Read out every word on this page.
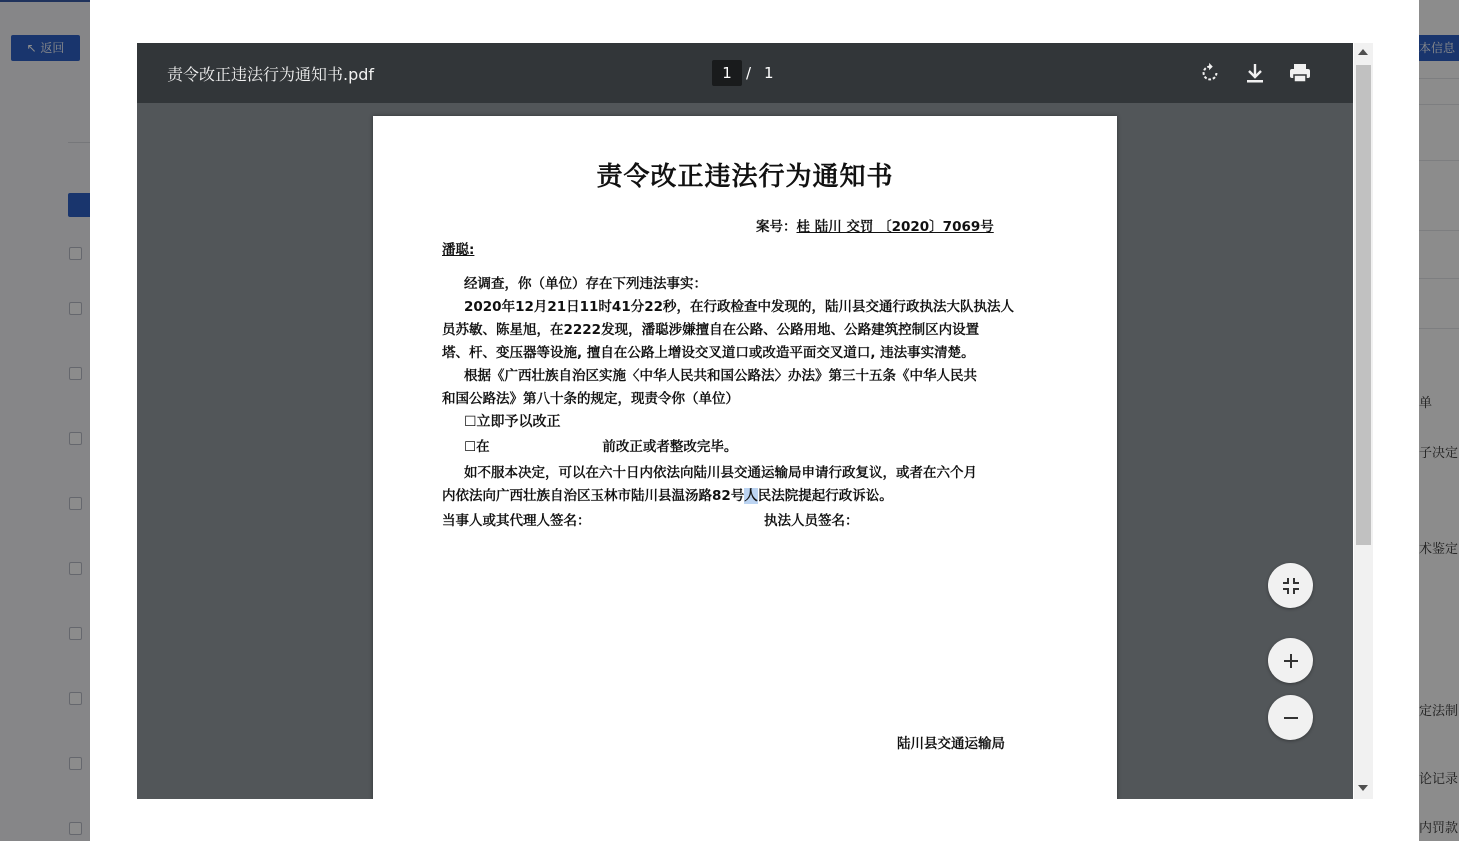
↖ 返回	本信息
单
子决定
术鉴定
定法制
论记录
内罚款
责令改正违法行为通知书.pdf	1 / 1
责令改正违法行为通知书
案号：桂 陆川 交罚 〔2020〕7069号
潘聪:
经调查，你（单位）存在下列违法事实：
2020年12月21日11时41分22秒，在行政检查中发现的，陆川县交通行政执法大队执法人
员苏敏、陈星旭，在2222发现，潘聪涉嫌擅自在公路、公路用地、公路建筑控制区内设置
塔、杆、变压器等设施, 擅自在公路上增设交叉道口或改造平面交叉道口, 违法事实清楚。
根据《广西壮族自治区实施〈中华人民共和国公路法〉办法》第三十五条《中华人民共
和国公路法》第八十条的规定，现责令你（单位）
☐立即予以改正
☐在                        前改正或者整改完毕。
如不服本决定，可以在六十日内依法向陆川县交通运输局申请行政复议，或者在六个月
内依法向广西壮族自治区玉林市陆川县温汤路82号人民法院提起行政诉讼。
当事人或其代理人签名：	执法人员签名：
陆川县交通运输局
